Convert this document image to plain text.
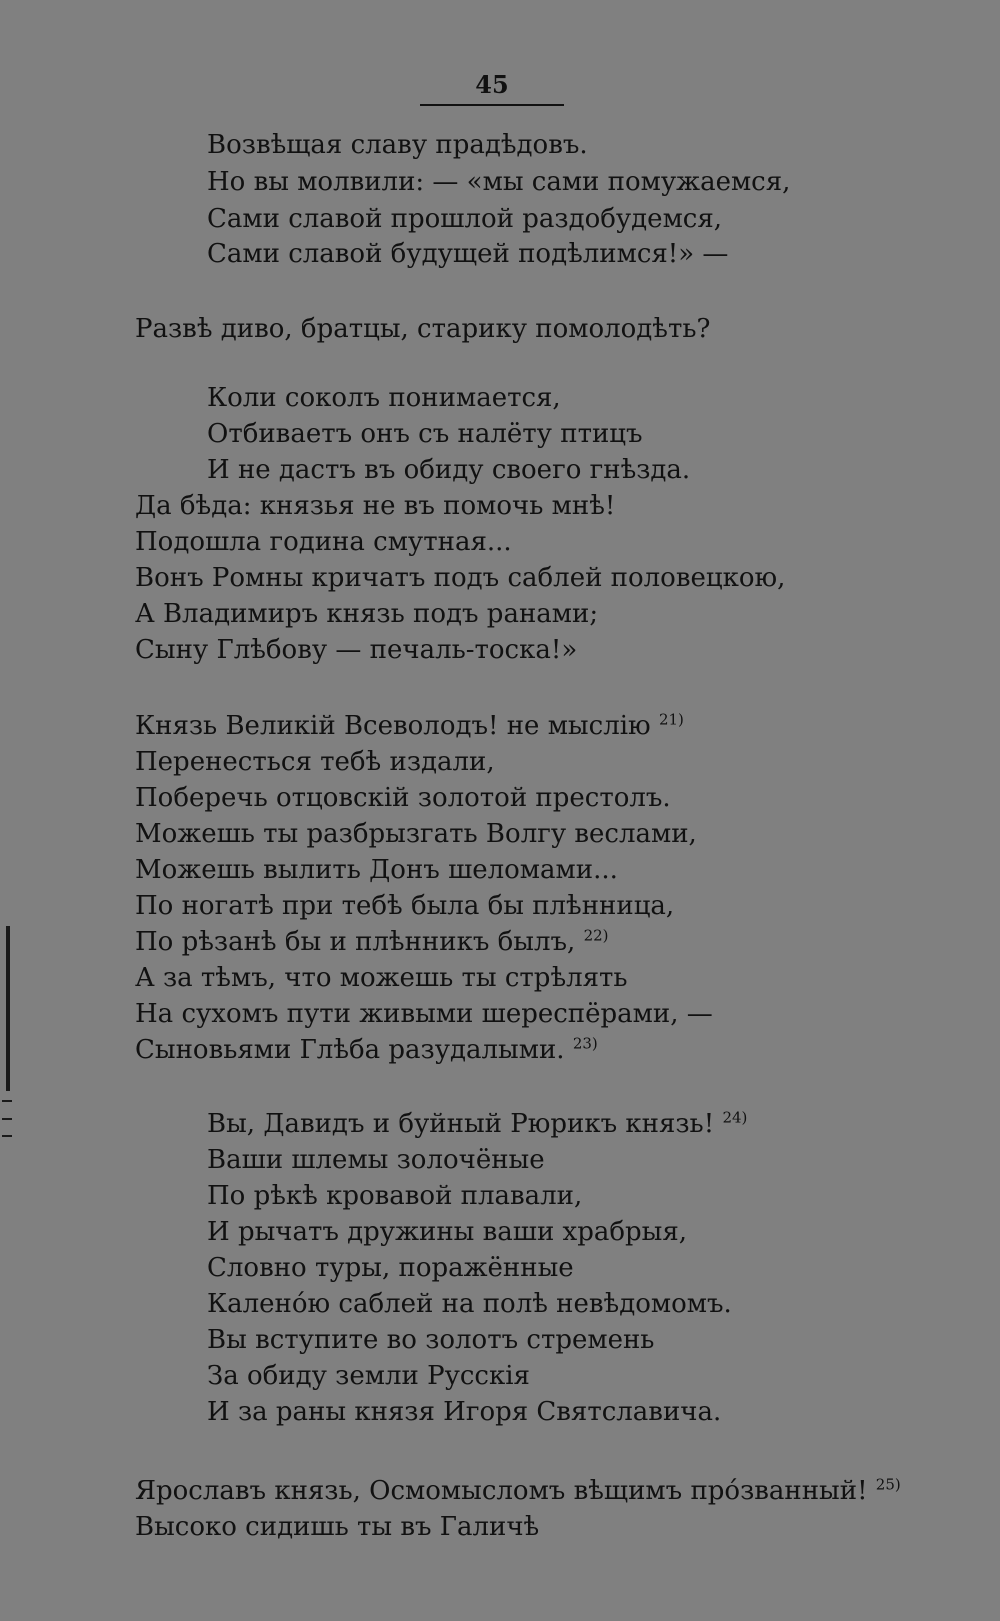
45
Возвѣщая славу прадѣдовъ.
Но вы молвили: — «мы сами помужаемся,
Сами славой прошлой раздобудемся,
Сами славой будущей подѣлимся!» —
Развѣ диво, братцы, старику помолодѣть?
Коли соколъ понимается,
Отбиваетъ онъ съ налёту птицъ
И не дастъ въ обиду своего гнѣзда.
Да бѣда: князья не въ помочь мнѣ!
Подошла година смутная...
Вонъ Ромны кричатъ подъ саблей половецкою,
А Владимиръ князь подъ ранами;
Сыну Глѣбову — печаль-тоска!»
Князь Великій Всеволодъ! не мыслію $^{21)}$
Перенестьcя тебѣ издали,
Поберечь отцовскій золотой престолъ.
Можешь ты разбрызгать Волгу веслами,
Можешь вылить Донъ шеломами...
По ногатѣ при тебѣ была бы плѣнница,
По рѣзанѣ бы и плѣнникъ былъ, $^{22)}$
А за тѣмъ, что можешь ты стрѣлять
На сухомъ пути живыми шереспёрами, —
Сыновьями Глѣба разудалыми. $^{23)}$
Вы, Давидъ и буйный Рюрикъ князь! $^{24)}$
Ваши шлемы золочёные
По рѣкѣ кровавой плавали,
И рычатъ дружины ваши храбрыя,
Словно туры, поражённые
Каленóю саблей на полѣ невѣдомомъ.
Вы вступите во золотъ стремень
За обиду земли Русскія
И за раны князя Игоря Святславича.
Ярославъ князь, Осмомысломъ вѣщимъ прóзванный! $^{25)}$
Высоко сидишь ты въ Галичѣ
